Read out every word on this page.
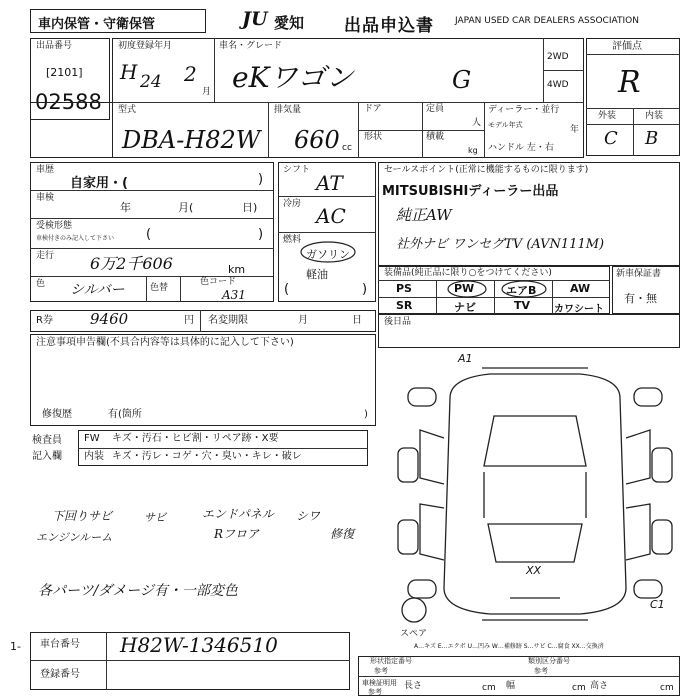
車内保管・守衛保管	JU 愛知 出品申込書 JAPAN USED CAR DEALERS ASSOCIATION
出品番号
[2101]
02588
初度登録年月
H 24 2
月
車名・グレード
eKワゴン	G
2WD
4WD
評価点
R
外装	内装
C B
型式
DBA-H82W
排気量
660 cc
ドア
形状
定員
人
積載
kg
ディーラー・並行
モデル年式	年
ハンドル 左・右
車歴
自家用・(	)
車検
年	月(	日)
受検形態
車検付きのみ記入して下さい (	)
走行 6万2千606	km
色 シルバー	色替
色コード
A31
シフト
AT
冷房 AC
燃料
ガソリン
軽油
(	)
R券 9460	円 名変期限	月	日
注意事項申告欄(不具合内容等は具体的に記入して下さい)
修復歴	有(箇所	)
セールスポイント(正常に機能するものに限ります)
MITSUBISHIディーラー出品
純正AW
社外ナビ ワンセグTV (AVN111M)
装備品(純正品に限り○をつけてください)
PS	PW	エアB	AW
SR	ナビ	TV カワシート
新車保証書
有・無
後日品
検査員
記入欄
FW キズ・汚石・ヒビ割・リペア跡・X要
内装 キズ・汚レ・コゲ・穴・臭い・キレ・破レ
下回りサビ
エンジンルーム
サビ	エンドパネル
Rフロア
シワ
修復
各パーツ/ダメージ有・一部変色
スペア
A1
XX
C1
A…キズ E…エクボ U…凹み W…補修跡 S…サビ C…腐食 XX…交換済
1- 車台番号 H82W-1346510
登録番号
形状指定番号
参考
類別区分番号
参考
車検証明用
参考
長さ	cm 幅	cm 高さ	cm
